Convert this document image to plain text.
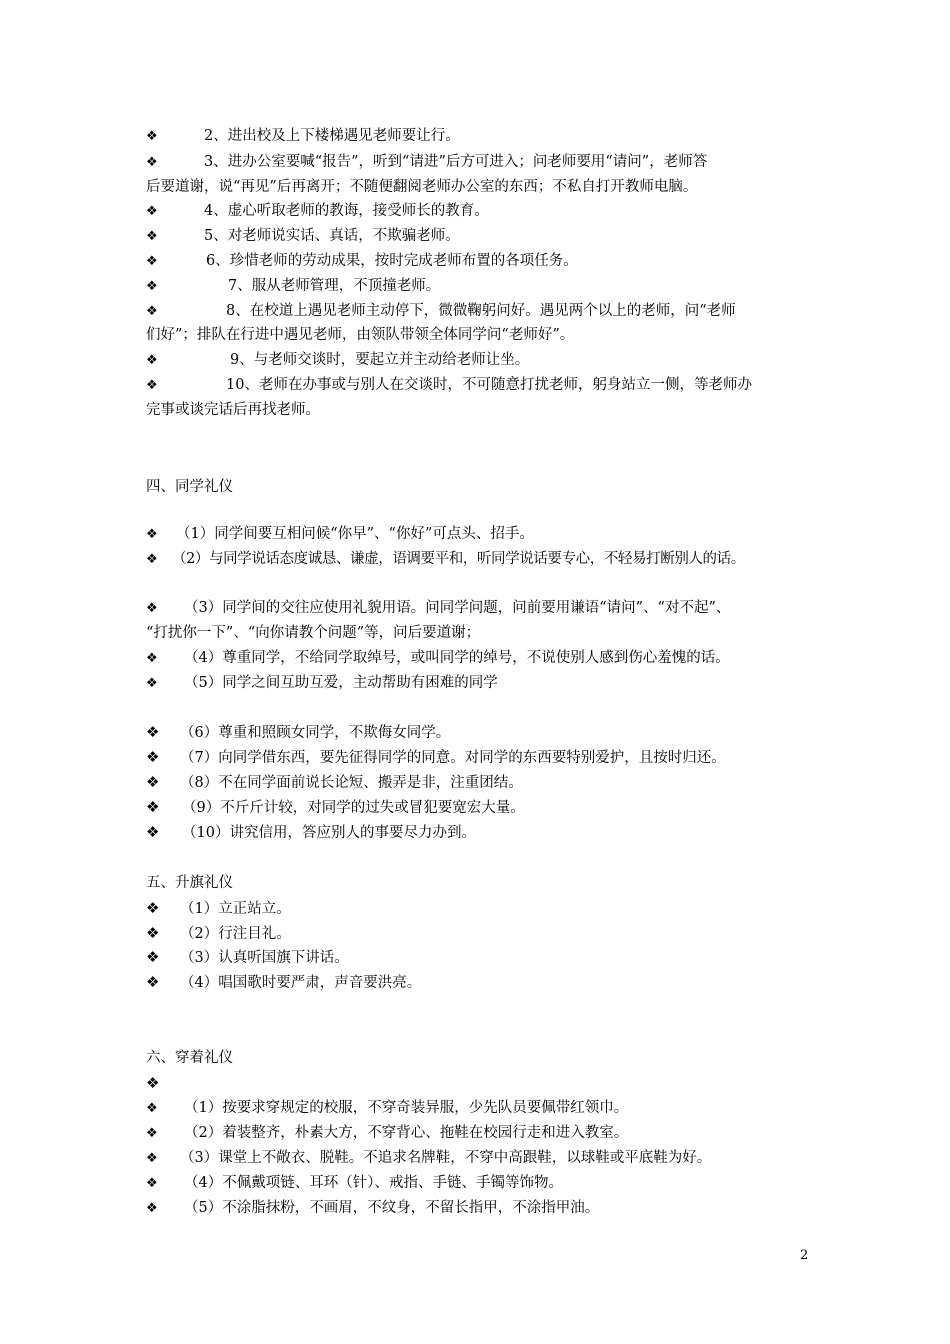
❖	2、进出校及上下楼梯遇见老师要让行。
❖	3、进办公室要喊“报告”，听到“请进”后方可进入；问老师要用“请问”，老师答
后要道谢，说“再见”后再离开；不随便翻阅老师办公室的东西；不私自打开教师电脑。
❖	4、虚心听取老师的教诲，接受师长的教育。
❖	5、对老师说实话、真话，不欺骗老师。
❖	6、珍惜老师的劳动成果，按时完成老师布置的各项任务。
❖	7、服从老师管理，不顶撞老师。
❖	8、在校道上遇见老师主动停下，微微鞠躬问好。遇见两个以上的老师，问“老师
们好”；排队在行进中遇见老师，由领队带领全体同学问“老师好”。
❖	9、与老师交谈时，要起立并主动给老师让坐。
❖	10、老师在办事或与别人在交谈时，不可随意打扰老师，躬身站立一侧，等老师办
完事或谈完话后再找老师。
四、同学礼仪
❖ （1）同学间要互相问候“你早”、“你好”可点头、招手。
❖ （2）与同学说话态度诚恳、谦虚，语调要平和，听同学说话要专心，不轻易打断别人的话。
❖ （3）同学间的交往应使用礼貌用语。问同学问题，问前要用谦语“请问”、“对不起”、
“打扰你一下”、“向你请教个问题”等，问后要道谢；
❖ （4）尊重同学，不给同学取绰号，或叫同学的绰号，不说使别人感到伤心羞愧的话。
❖ （5）同学之间互助互爱，主动帮助有困难的同学
❖ （6）尊重和照顾女同学，不欺侮女同学。
❖ （7）向同学借东西，要先征得同学的同意。对同学的东西要特别爱护，且按时归还。
❖ （8）不在同学面前说长论短、搬弄是非，注重团结。
❖ （9）不斤斤计较，对同学的过失或冒犯要宽宏大量。
❖ （10）讲究信用，答应别人的事要尽力办到。
五、升旗礼仪
❖ （1）立正站立。
❖ （2）行注目礼。
❖ （3）认真听国旗下讲话。
❖ （4）唱国歌时要严肃，声音要洪亮。
六、穿着礼仪
❖
❖ （1）按要求穿规定的校服，不穿奇装异服，少先队员要佩带红领巾。
❖ （2）着装整齐，朴素大方，不穿背心、拖鞋在校园行走和进入教室。
❖ （3）课堂上不敞衣、脱鞋。不追求名牌鞋，不穿中高跟鞋，以球鞋或平底鞋为好。
❖ （4）不佩戴项链、耳环（针）、戒指、手链、手镯等饰物。
❖ （5）不涂脂抹粉，不画眉，不纹身，不留长指甲，不涂指甲油。
2
